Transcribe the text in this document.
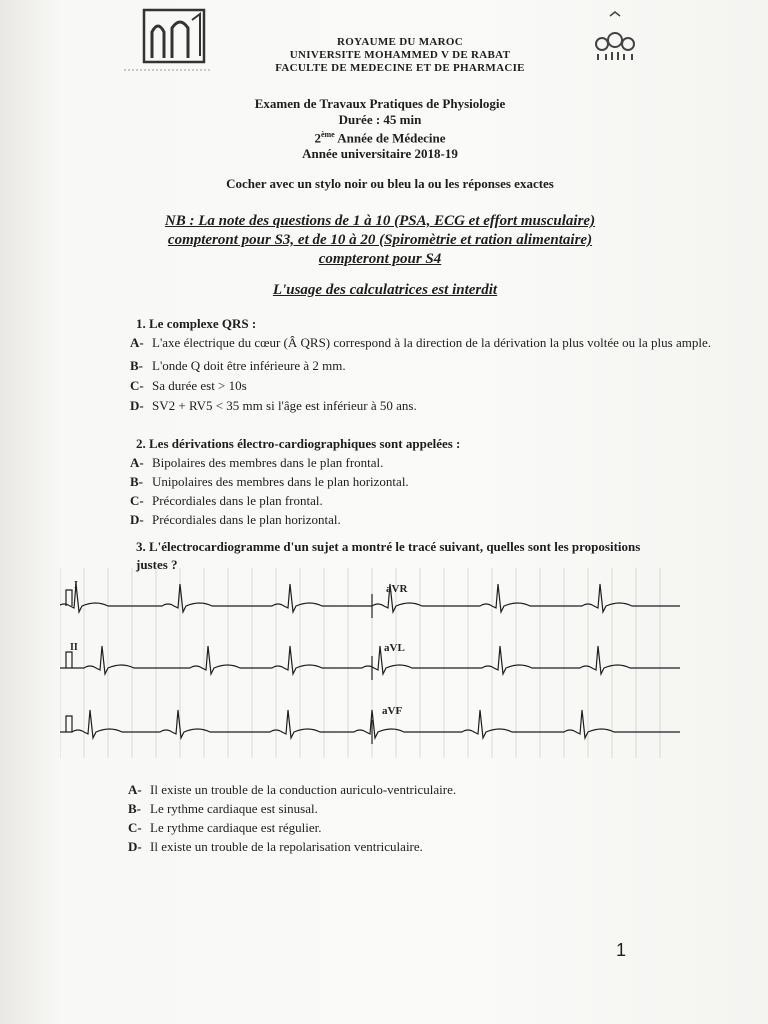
ROYAUME DU MAROC
UNIVERSITE MOHAMMED V DE RABAT
FACULTE DE MEDECINE ET DE PHARMACIE
Examen de Travaux Pratiques de Physiologie
Durée : 45 min
2ème Année de Médecine
Année universitaire 2018-19
Cocher avec un stylo noir ou bleu la ou les réponses exactes
NB : La note des questions de 1 à 10 (PSA, ECG et effort musculaire)
compteront pour S3, et de 10 à 20 (Spiromètrie et ration alimentaire)
compteront pour S4
L'usage des calculatrices est interdit
1. Le complexe QRS :
A- L'axe électrique du cœur (Â QRS) correspond à la direction de la dérivation la plus voltée ou la plus ample.
B- L'onde Q doit être inférieure à 2 mm.
C- Sa durée est > 10s
D- SV2 + RV5 < 35 mm si l'âge est inférieur à 50 ans.
2. Les dérivations électro-cardiographiques sont appelées :
A- Bipolaires des membres dans le plan frontal.
B- Unipolaires des membres dans le plan horizontal.
C- Précordiales dans le plan frontal.
D- Précordiales dans le plan horizontal.
3. L'électrocardiogramme d'un sujet a montré le tracé suivant, quelles sont les propositions justes ?
I
II
aVR
aVL
aVF
A- Il existe un trouble de la conduction auriculo-ventriculaire.
B- Le rythme cardiaque est sinusal.
C- Le rythme cardiaque est régulier.
D- Il existe un trouble de la repolarisation ventriculaire.
1
